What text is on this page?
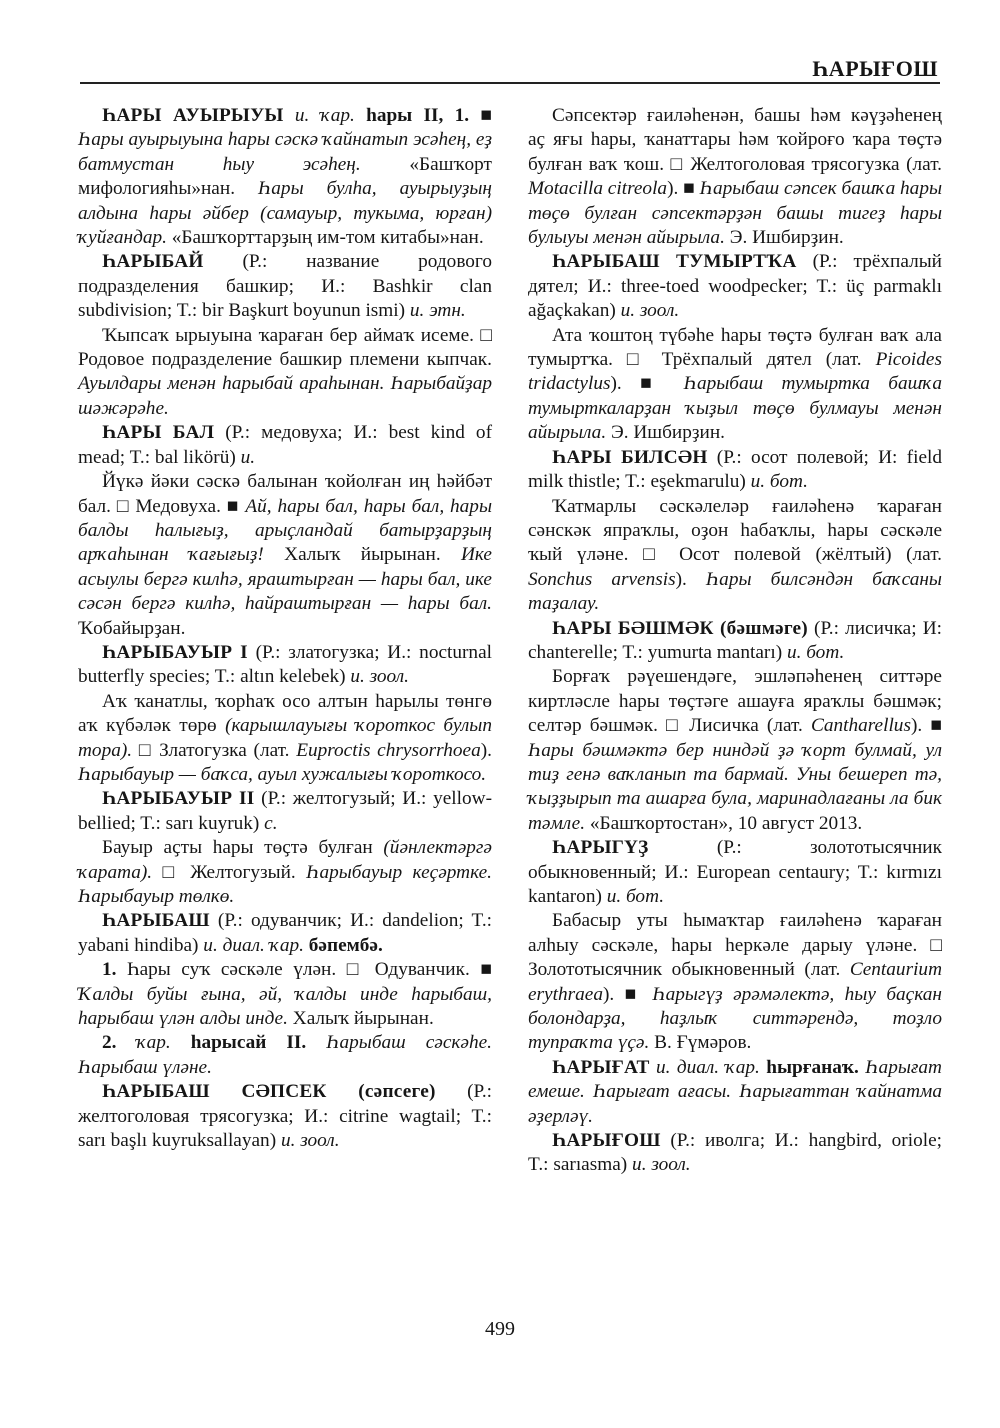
ҺАРЫҒОШ

ҺАРЫ АУЫРЫУЫ и. ҡар. һары II, 1. ■ Һары ауырыуына һары сәскә ҡайнатып эсәһең, еҙ батмустан һыу эсәһең. «Башҡорт мифологияһы»нан. Һары булһа, ауырыуҙың алдына һары әйбер (самауыр, тукыма, юрған) ҡуйғандар. «Башҡорттарҙың им-том китабы»нан.

ҺАРЫБАЙ (Р.: название родового подразделения башкир; И.: Bashkir clan subdivision; T.: bir Başkurt boyunun ismi) и. этн.

Ҡыпсаҡ ырыуына ҡараған бер аймаҡ исеме. □ Родовое подразделение башкир племени кыпчак. Ауылдары менән һарыбай араһынан. Һарыбайҙар шәжәрәһе.

ҺАРЫ БАЛ (Р.: медовуха; И.: best kind of mead; T.: bal likörü) и.

Йүкә йәки сәскә балынан ҡойолған иң һәйбәт бал. □ Медовуха. ■ Ай, һары бал, һары бал, һары балды һалығыҙ, арыҫландай батырҙарҙың арҡаһынан ҡағығыҙ! Халыҡ йырынан. Ике асыулы бергә килһә, яраштырған — һары бал, ике сәсән бергә килһә, һайраштырған — һары бал. Ҡобайырҙан.

ҺАРЫБАУЫР I (Р.: златогузка; И.: nocturnal butterfly species; T.: altın kelebek) и. зоол.

Аҡ ҡанатлы, ҡорһаҡ осо алтын һарылы төнгө аҡ күбәләк төрө (карышлауығы ҡороткос булып тора). □ Златогузка (лат. Euproctis chrysorrhoea). Һарыбауыр — баҡса, ауыл хужалығы ҡороткосо.

ҺАРЫБАУЫР II (Р.: желтогузый; И.: yellow-bellied; T.: sarı kuyruk) с.

Бауыр аҫты һары төҫтә булған (йәнлектәргә ҡарата). □ Желтогузый. Һарыбауыр кеҫәртке. Һарыбауыр төлкө.

ҺАРЫБАШ (Р.: одуванчик; И.: dandelion; T.: yabani hindiba) и. диал. ҡар. бәпембә.

1. Һары суҡ сәскәле үлән. □ Одуванчик. ■ Ҡалды буйы ғына, әй, ҡалды инде һарыбаш, һарыбаш үлән алды инде. Халыҡ йырынан.

2. ҡар. һарысай II. Һарыбаш сәскәһе. Һарыбаш үләне.

ҺАРЫБАШ СӘПСЕК (сәпсеге) (Р.: желтоголовая трясогузка; И.: citrine wagtail; T.: sarı başlı kuyruksallayan) и. зоол.

Сәпсектәр ғаиләһенән, башы һәм кәүҙәһенең аҫ яғы һары, ҡанаттары һәм ҡойроғо ҡара төҫтә булған ваҡ ҡош. □ Желтоголовая трясогузка (лат. Motacilla citreola). ■ Һарыбаш сәпсек башҡа һары төҫө булған сәпсектәрҙән башы тигеҙ һары булыуы менән айырыла. Э. Ишбирҙин.

ҺАРЫБАШ ТУМЫРТҠА (Р.: трёхпалый дятел; И.: three-toed woodpecker; T.: üç parmaklı ağaçkakan) и. зоол.

Ата ҡоштоң түбәһе һары төҫтә булған ваҡ ала тумыртҡа. □ Трёхпалый дятел (лат. Picoides tridactylus). ■ Һарыбаш тумыртка башҡа тумырткаларҙан ҡыҙыл төҫө булмауы менән айырыла. Э. Ишбирҙин.

ҺАРЫ БИЛСӘН (Р.: осот полевой; И: field milk thistle; T.: eşekmarulu) и. бот.

Ҡатмарлы сәскәлеләр ғаиләһенә ҡараған сәнскәк япраҡлы, оҙон һабаҡлы, һары сәскәле ҡый үләне. □ Осот полевой (жёлтый) (лат. Sonchus arvensis). Һары билсәндән баҡсаны таҙалау.

ҺАРЫ БӘШМӘК (бәшмәге) (Р.: лисичка; И: chanterelle; T.: yumurta mantarı) и. бот.

Борғаҡ рәүешендәге, эшләпәһенең ситтәре киртләсле һары төҫтәге ашауға яраҡлы бәшмәк; селтәр бәшмәк. □ Лисичка (лат. Cantharellus). ■ Һары бәшмәктә бер ниндәй ҙә ҡорт булмай, ул тиҙ генә ваҡланып та бармай. Уны бешереп тә, ҡыҙҙырып та ашарға була, маринадлағаны ла бик тәмле. «Башҡортостан», 10 август 2013.

ҺАРЫГҮҘ (Р.: золототысячник обыкновенный; И.: European centaury; T.: kırmızı kantaron) и. бот.

Бабасыр уты һымаҡтар ғаиләһенә ҡараған алһыу сәскәле, һары һеркәле дарыу үләне. □ Золототысячник обыкновенный (лат. Centaurium erythraea). ■ Һарыгүҙ әрәмәлектә, һыу баҫкан болондарҙа, һаҙлыҡ ситтәрендә, тоҙло тупраҡта үҫә. В. Ғүмәров.

ҺАРЫҒАТ и. диал. ҡар. һырғанаҡ. Һарығат емеше. Һарығат ағасы. Һарығаттан ҡайнатма әҙерләү.

ҺАРЫҒОШ (Р.: иволга; И.: hangbird, oriole; T.: sarıasma) и. зоол.

499
